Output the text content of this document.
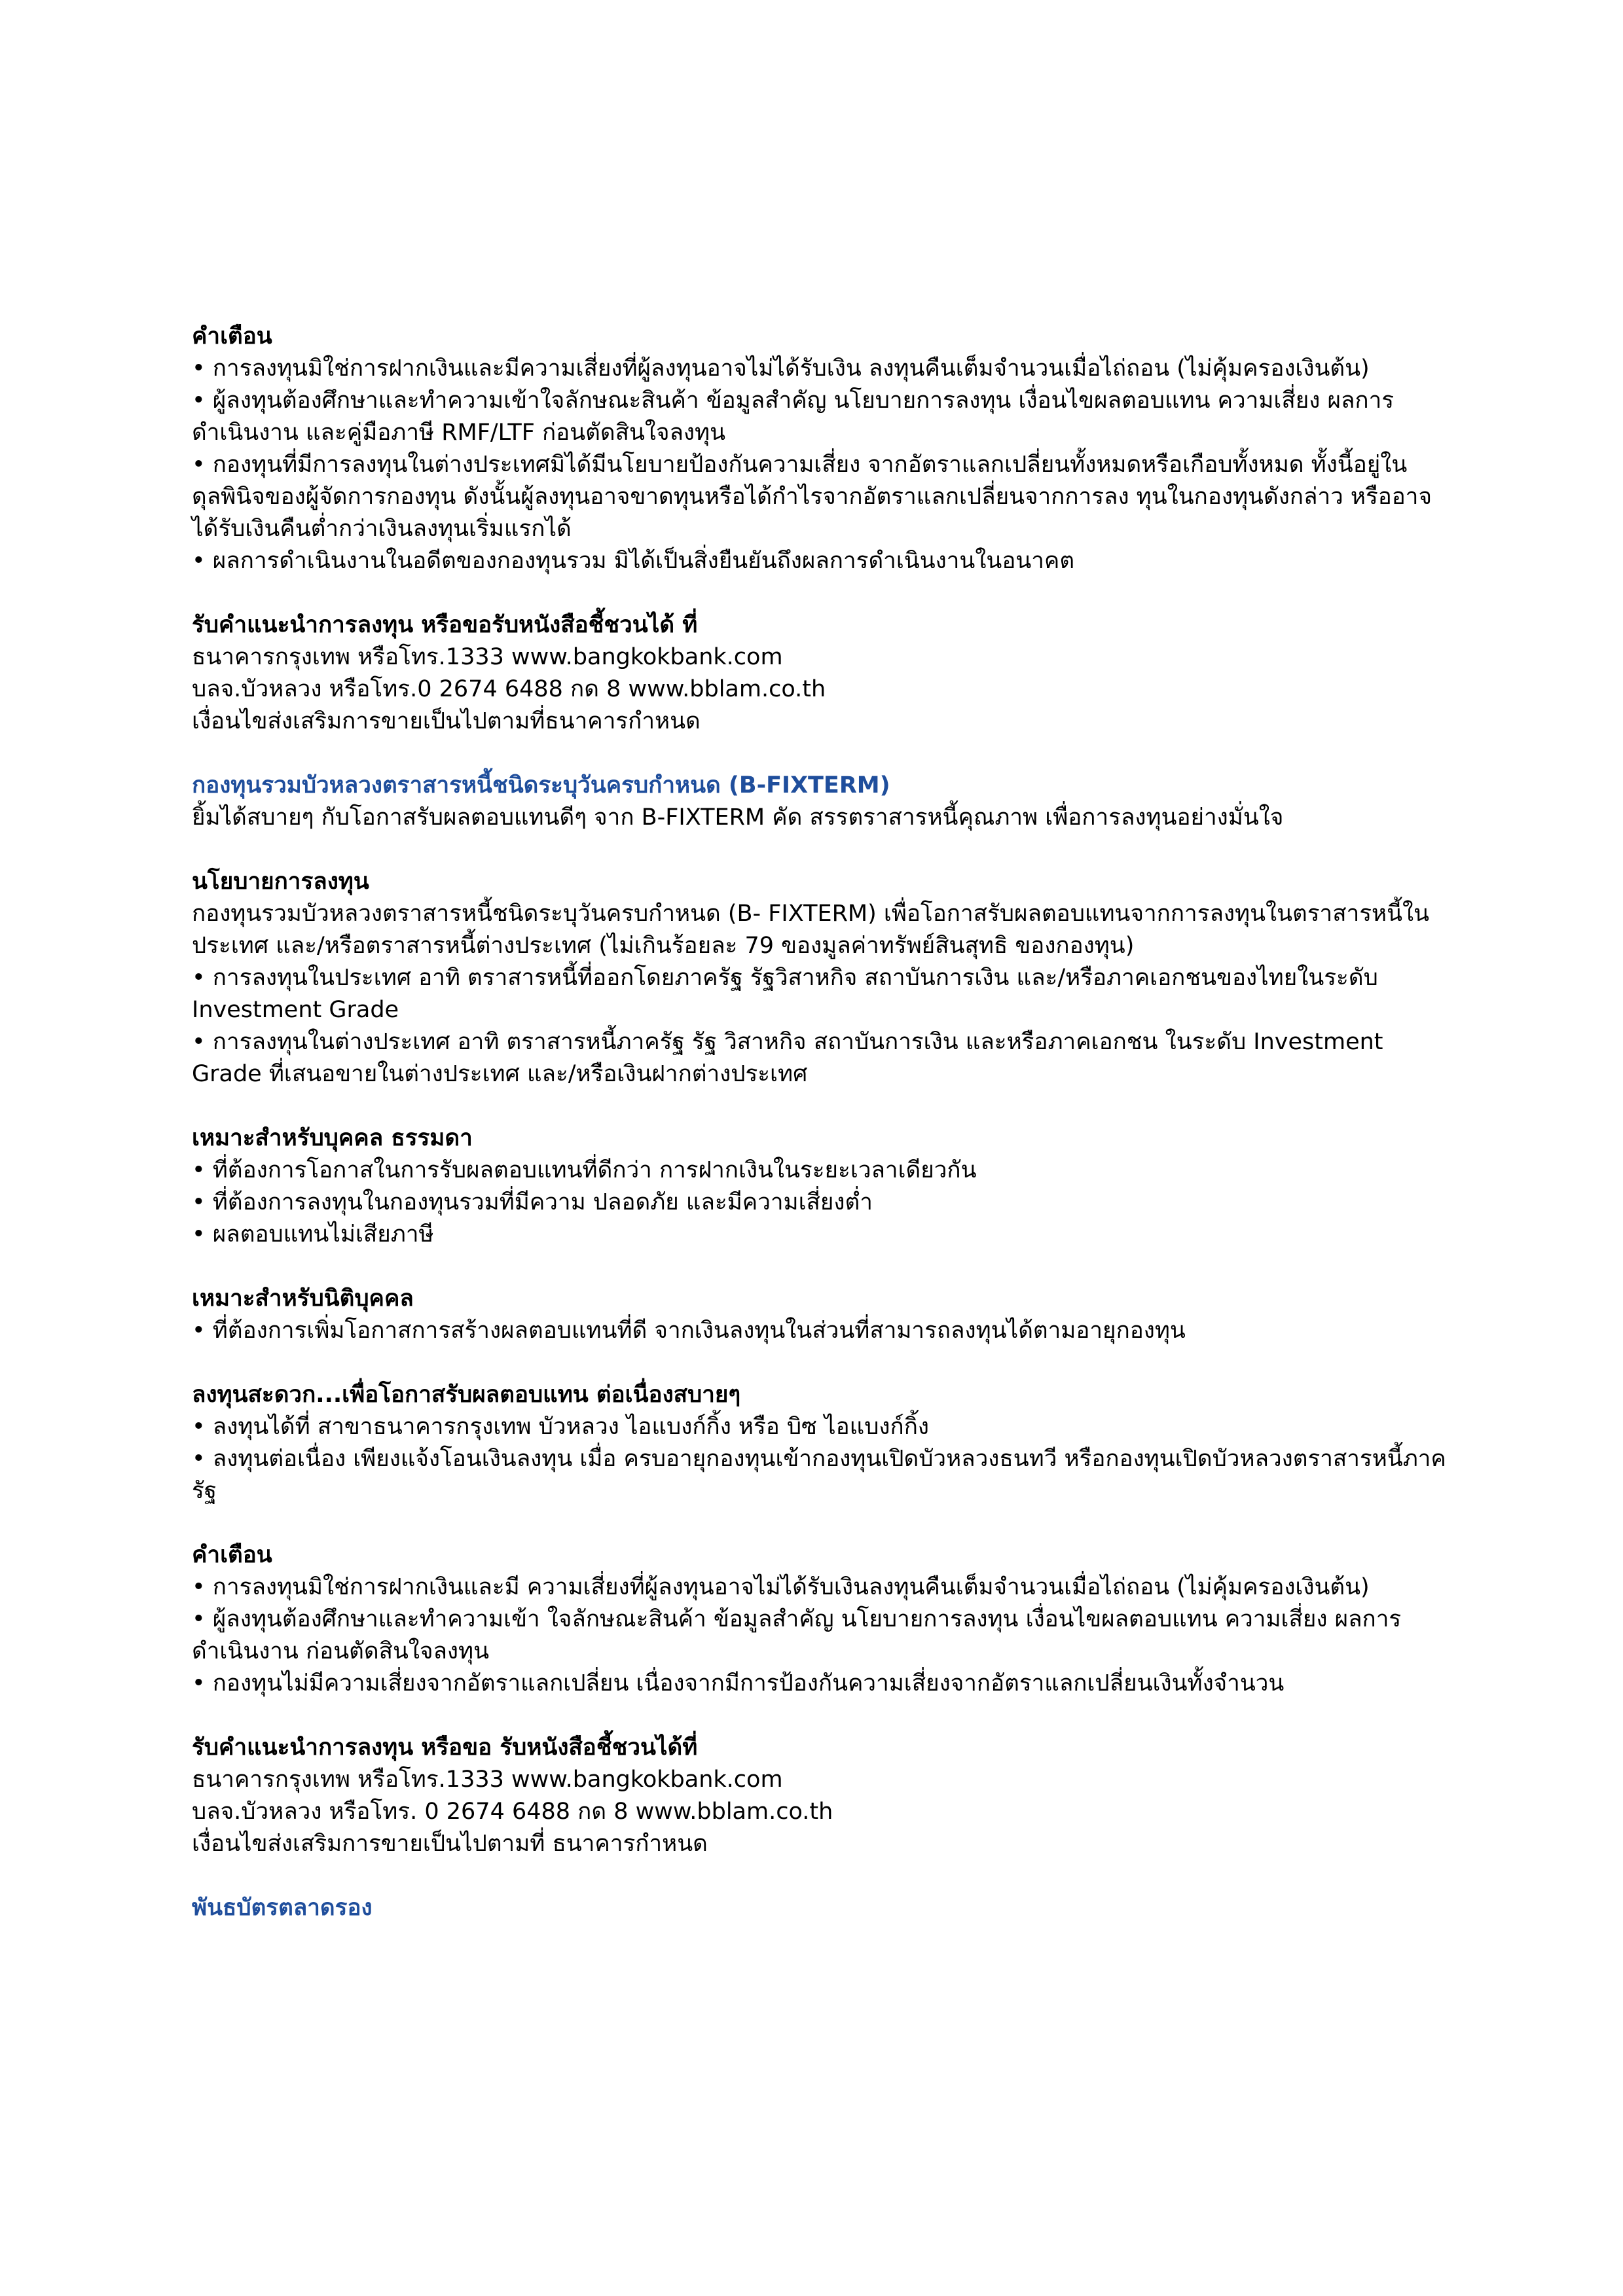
คำเตือน

• การลงทุนมิใช่การฝากเงินและมีความเสี่ยงที่ผู้ลงทุนอาจไม่ได้รับเงิน ลงทุนคืนเต็มจำนวนเมื่อไถ่ถอน (ไม่คุ้มครองเงินต้น)

• ผู้ลงทุนต้องศึกษาและทำความเข้าใจลักษณะสินค้า ข้อมูลสำคัญ นโยบายการลงทุน เงื่อนไขผลตอบแทน ความเสี่ยง ผลการดำเนินงาน และคู่มือภาษี RMF/LTF ก่อนตัดสินใจลงทุน

• กองทุนที่มีการลงทุนในต่างประเทศมิได้มีนโยบายป้องกันความเสี่ยง จากอัตราแลกเปลี่ยนทั้งหมดหรือเกือบทั้งหมด ทั้งนี้อยู่ในดุลพินิจของผู้จัดการกองทุน ดังนั้นผู้ลงทุนอาจขาดทุนหรือได้กำไรจากอัตราแลกเปลี่ยนจากการลง ทุนในกองทุนดังกล่าว หรืออาจได้รับเงินคืนต่ำกว่าเงินลงทุนเริ่มแรกได้

• ผลการดำเนินงานในอดีตของกองทุนรวม มิได้เป็นสิ่งยืนยันถึงผลการดำเนินงานในอนาคต

รับคำแนะนำการลงทุน หรือขอรับหนังสือชี้ชวนได้ ที่

ธนาคารกรุงเทพ หรือโทร.1333 www.bangkokbank.com

บลจ.บัวหลวง หรือโทร.0 2674 6488 กด 8 www.bblam.co.th

เงื่อนไขส่งเสริมการขายเป็นไปตามที่ธนาคารกำหนด

กองทุนรวมบัวหลวงตราสารหนี้ชนิดระบุวันครบกำหนด (B-FIXTERM)

ยิ้มได้สบายๆ กับโอกาสรับผลตอบแทนดีๆ จาก B-FIXTERM คัด สรรตราสารหนี้คุณภาพ เพื่อการลงทุนอย่างมั่นใจ

นโยบายการลงทุน

กองทุนรวมบัวหลวงตราสารหนี้ชนิดระบุวันครบกำหนด (B- FIXTERM) เพื่อโอกาสรับผลตอบแทนจากการลงทุนในตราสารหนี้ในประเทศ และ/หรือตราสารหนี้ต่างประเทศ (ไม่เกินร้อยละ 79 ของมูลค่าทรัพย์สินสุทธิ ของกองทุน)

• การลงทุนในประเทศ อาทิ ตราสารหนี้ที่ออกโดยภาครัฐ รัฐวิสาหกิจ สถาบันการเงิน และ/หรือภาคเอกชนของไทยในระดับ Investment Grade

• การลงทุนในต่างประเทศ อาทิ ตราสารหนี้ภาครัฐ รัฐ วิสาหกิจ สถาบันการเงิน และหรือภาคเอกชน ในระดับ Investment Grade ที่เสนอขายในต่างประเทศ และ/หรือเงินฝากต่างประเทศ

เหมาะสำหรับบุคคล ธรรมดา

• ที่ต้องการโอกาสในการรับผลตอบแทนที่ดีกว่า การฝากเงินในระยะเวลาเดียวกัน

• ที่ต้องการลงทุนในกองทุนรวมที่มีความ ปลอดภัย และมีความเสี่ยงต่ำ

• ผลตอบแทนไม่เสียภาษี

เหมาะสำหรับนิติบุคคล

• ที่ต้องการเพิ่มโอกาสการสร้างผลตอบแทนที่ดี จากเงินลงทุนในส่วนที่สามารถลงทุนได้ตามอายุกองทุน

ลงทุนสะดวก...เพื่อโอกาสรับผลตอบแทน ต่อเนื่องสบายๆ

• ลงทุนได้ที่ สาขาธนาคารกรุงเทพ บัวหลวง ไอแบงก์กิ้ง หรือ บิซ ไอแบงก์กิ้ง

• ลงทุนต่อเนื่อง เพียงแจ้งโอนเงินลงทุน เมื่อ ครบอายุกองทุนเข้ากองทุนเปิดบัวหลวงธนทวี หรือกองทุนเปิดบัวหลวงตราสารหนี้ภาครัฐ

คำเตือน

• การลงทุนมิใช่การฝากเงินและมี ความเสี่ยงที่ผู้ลงทุนอาจไม่ได้รับเงินลงทุนคืนเต็มจำนวนเมื่อไถ่ถอน (ไม่คุ้มครองเงินต้น)

• ผู้ลงทุนต้องศึกษาและทำความเข้า ใจลักษณะสินค้า ข้อมูลสำคัญ นโยบายการลงทุน เงื่อนไขผลตอบแทน ความเสี่ยง ผลการดำเนินงาน ก่อนตัดสินใจลงทุน

• กองทุนไม่มีความเสี่ยงจากอัตราแลกเปลี่ยน เนื่องจากมีการป้องกันความเสี่ยงจากอัตราแลกเปลี่ยนเงินทั้งจำนวน

รับคำแนะนำการลงทุน หรือขอ รับหนังสือชี้ชวนได้ที่

ธนาคารกรุงเทพ หรือโทร.1333 www.bangkokbank.com

บลจ.บัวหลวง หรือโทร. 0 2674 6488 กด 8 www.bblam.co.th

เงื่อนไขส่งเสริมการขายเป็นไปตามที่ ธนาคารกำหนด

พันธบัตรตลาดรอง
